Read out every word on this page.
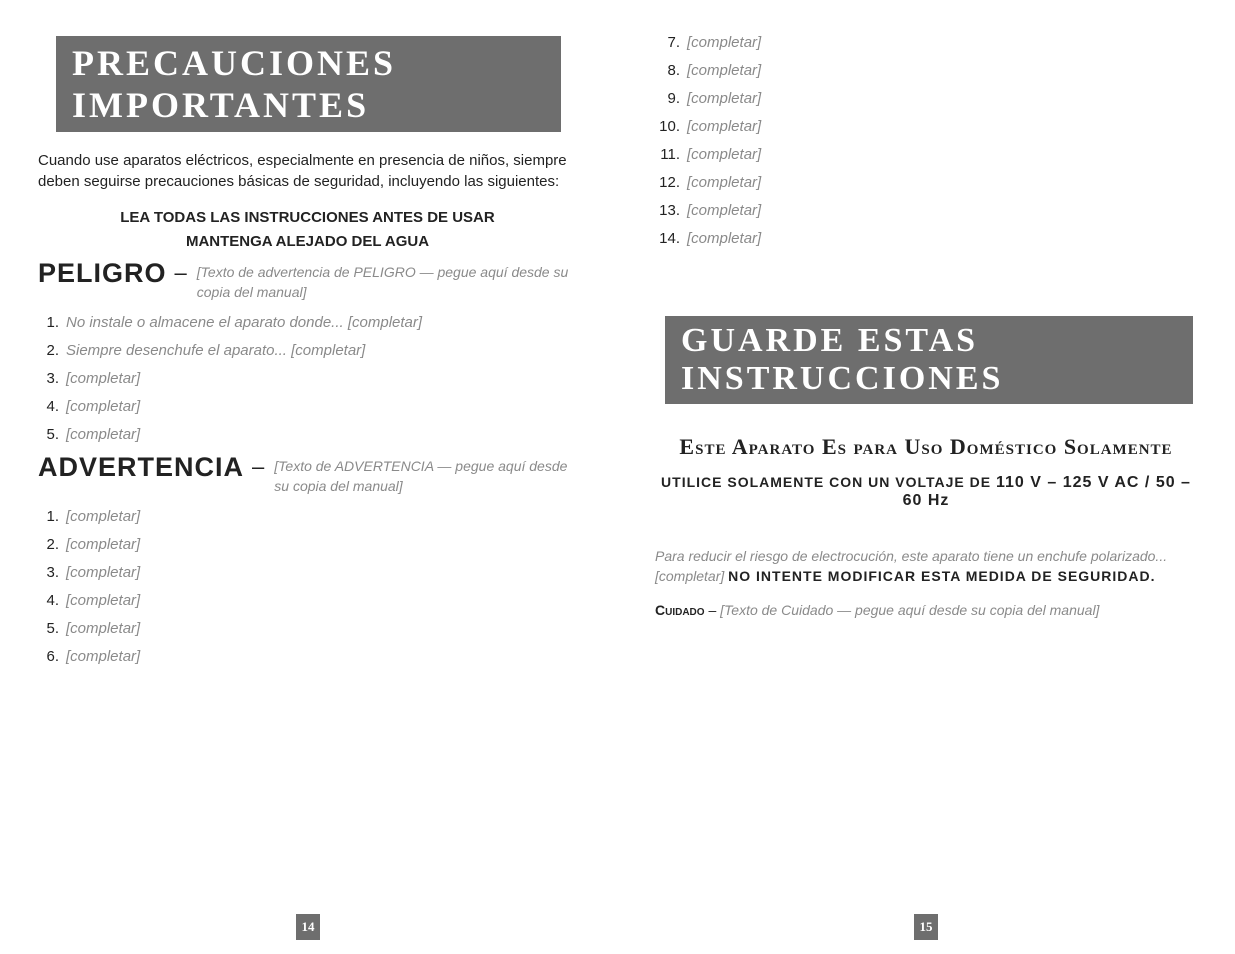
PRECAUCIONES IMPORTANTES

Cuando use aparatos eléctricos, especialmente en presencia de niños, siempre deben seguirse precauciones básicas de seguridad, incluyendo las siguientes:

LEA TODAS LAS INSTRUCCIONES ANTES DE USAR
MANTENGA ALEJADO DEL AGUA
PELIGRO – [Texto de advertencia de PELIGRO — pegue aquí desde su copia del manual]
1. No instale o almacene el aparato donde... [completar]
2. Siempre desenchufe el aparato... [completar]
3. [completar]
4. [completar]
5. [completar]
ADVERTENCIA – [Texto de ADVERTENCIA — pegue aquí desde su copia del manual]
1. [completar]
2. [completar]
3. [completar]
4. [completar]
5. [completar]
6. [completar]
14
7. [completar]
8. [completar]
9. [completar]
10. [completar]
11. [completar]
12. [completar]
13. [completar]
14. [completar]
GUARDE ESTAS INSTRUCCIONES
Este Aparato Es para Uso Doméstico Solamente
UTILICE SOLAMENTE CON UN VOLTAJE DE 110 V – 125 V AC / 50 – 60 Hz

Para reducir el riesgo de electrocución, este aparato tiene un enchufe polarizado... [completar] NO INTENTE MODIFICAR ESTA MEDIDA DE SEGURIDAD.

Cuidado – [Texto de Cuidado — pegue aquí desde su copia del manual]

15
